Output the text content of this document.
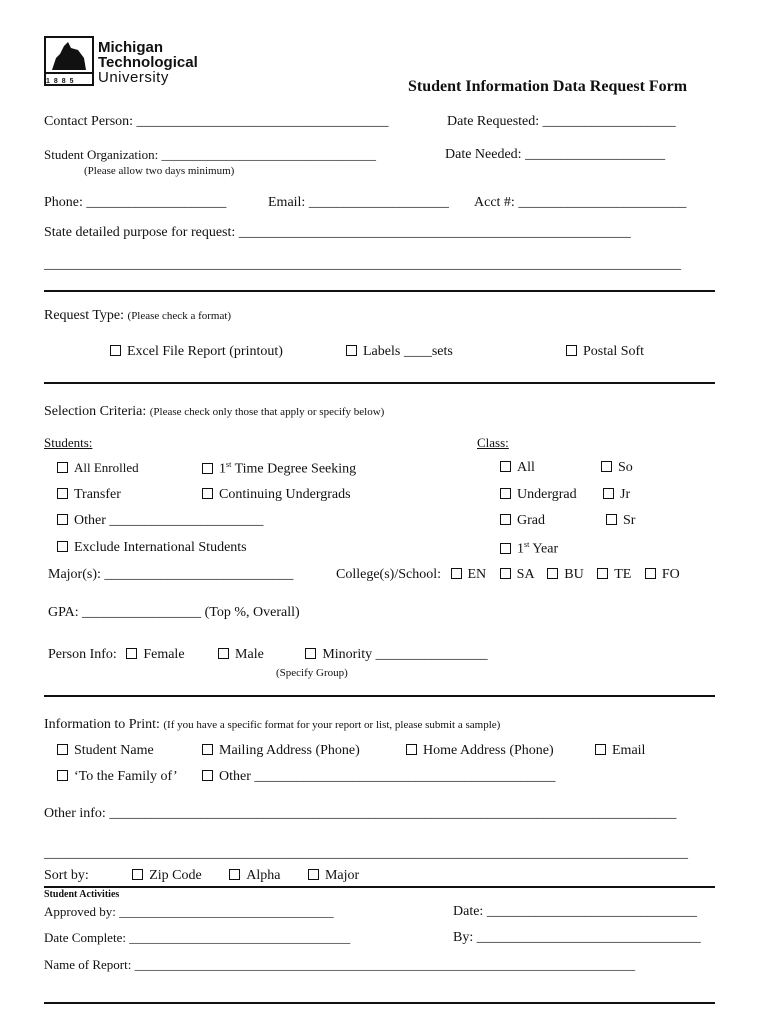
1885
Michigan
Technological
University
Student Information Data Request Form
Contact Person: ____________________________________	Date Requested: ___________________
Student Organization: _________________________________	Date Needed: ____________________
(Please allow two days minimum)
Phone: ____________________	Email: ____________________ Acct #: ________________________
State detailed purpose for request: ________________________________________________________
___________________________________________________________________________________________
Request Type: (Please check a format)
Excel File Report (printout)	Labels ____sets	Postal Soft
Selection Criteria: (Please check only those that apply or specify below)
Students:	Class:
All Enrolled	1st Time Degree Seeking	All	So
Transfer	Continuing Undergrads	Undergrad	Jr
Other ______________________	Grad	Sr
Exclude International Students	1st Year
Major(s): ___________________________	College(s)/School: EN SA BU TE FO
GPA: _________________ (Top %, Overall)
Person Info: Female	Male	Minority ________________
(Specify Group)
Information to Print: (If you have a specific format for your report or list, please submit a sample)
Student Name	Mailing Address (Phone)	Home Address (Phone)	Email
‘To the Family of’	Other ___________________________________________
Other info: _________________________________________________________________________________
____________________________________________________________________________________________
Sort by:	Zip Code	Alpha	Major
Student Activities
Approved by: _________________________________	Date: ______________________________
Date Complete: __________________________________	By: ________________________________
Name of Report: _____________________________________________________________________________
